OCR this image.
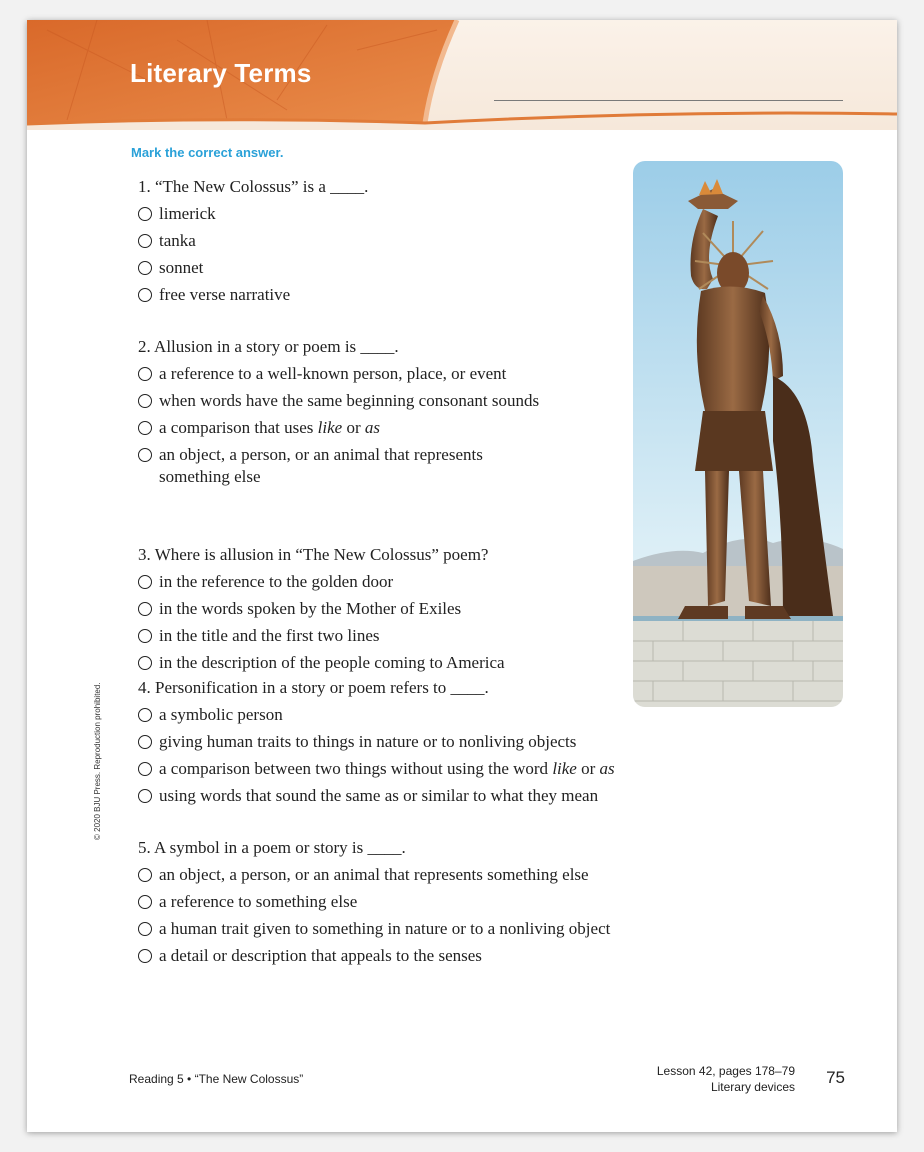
Literary Terms
Mark the correct answer.
1. “The New Colossus” is a ____.
limerick
tanka
sonnet
free verse narrative
2. Allusion in a story or poem is ____.
a reference to a well-known person, place, or event
when words have the same beginning consonant sounds
a comparison that uses like or as
an object, a person, or an animal that represents something else
3. Where is allusion in “The New Colossus” poem?
in the reference to the golden door
in the words spoken by the Mother of Exiles
in the title and the first two lines
in the description of the people coming to America
4. Personification in a story or poem refers to ____.
a symbolic person
giving human traits to things in nature or to nonliving objects
a comparison between two things without using the word like or as
using words that sound the same as or similar to what they mean
5. A symbol in a poem or story is ____.
an object, a person, or an animal that represents something else
a reference to something else
a human trait given to something in nature or to a nonliving object
a detail or description that appeals to the senses
© 2020 BJU Press. Reproduction prohibited.
Reading 5 • “The New Colossus”
Lesson 42, pages 178–79
Literary devices 75
